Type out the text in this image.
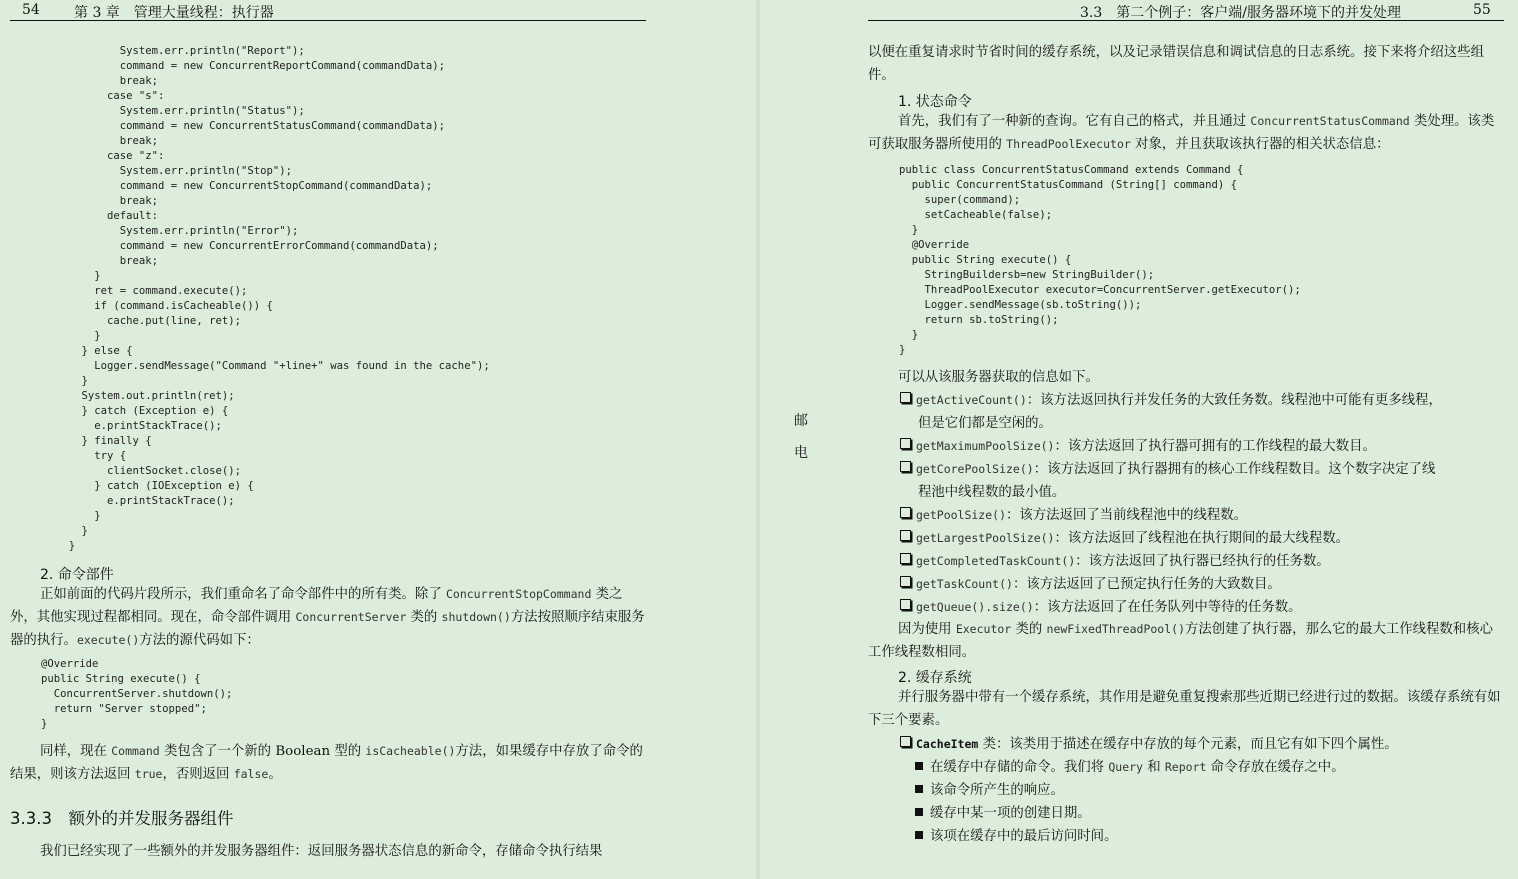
54 第 3 章　管理大量线程：执行器
System.err.println("Report");
command = new ConcurrentReportCommand(commandData);
break;
case "s":
System.err.println("Status");
command = new ConcurrentStatusCommand(commandData);
break;
case "z":
System.err.println("Stop");
command = new ConcurrentStopCommand(commandData);
break;
default:
System.err.println("Error");
command = new ConcurrentErrorCommand(commandData);
break;
}
ret = command.execute();
if (command.isCacheable()) {
cache.put(line, ret);
}
} else {
Logger.sendMessage("Command "+line+" was found in the cache");
}
System.out.println(ret);
} catch (Exception e) {
e.printStackTrace();
} finally {
try {
clientSocket.close();
} catch (IOException e) {
e.printStackTrace();
}
}
}
2. 命令部件

正如前面的代码片段所示，我们重命名了命令部件中的所有类。除了 ConcurrentStopCommand 类之外，其他实现过程都相同。现在，命令部件调用 ConcurrentServer 类的 shutdown()方法按照顺序结束服务器的执行。execute()方法的源代码如下：

@Override
public String execute() {
ConcurrentServer.shutdown();
return "Server stopped";
}

同样，现在 Command 类包含了一个新的 Boolean 型的 isCacheable()方法，如果缓存中存放了命令的结果，则该方法返回 true，否则返回 false。

3.3.3　额外的并发服务器组件

我们已经实现了一些额外的并发服务器组件：返回服务器状态信息的新命令，存储命令执行结果

3.3　第二个例子：客户端/服务器环境下的并发处理	55
邮
电

以便在重复请求时节省时间的缓存系统，以及记录错误信息和调试信息的日志系统。接下来将介绍这些组件。

1. 状态命令

首先，我们有了一种新的查询。它有自己的格式，并且通过 ConcurrentStatusCommand 类处理。该类可获取服务器所使用的 ThreadPoolExecutor 对象，并且获取该执行器的相关状态信息：

public class ConcurrentStatusCommand extends Command {
public ConcurrentStatusCommand (String[] command) {
super(command);
setCacheable(false);
}
@Override
public String execute() {
StringBuildersb=new StringBuilder();
ThreadPoolExecutor executor=ConcurrentServer.getExecutor();
Logger.sendMessage(sb.toString());
return sb.toString();
}
}

可以从该服务器获取的信息如下。

getActiveCount()：该方法返回执行并发任务的大致任务数。线程池中可能有更多线程，
但是它们都是空闲的。
getMaximumPoolSize()：该方法返回了执行器可拥有的工作线程的最大数目。
getCorePoolSize()：该方法返回了执行器拥有的核心工作线程数目。这个数字决定了线
程池中线程数的最小值。
getPoolSize()：该方法返回了当前线程池中的线程数。
getLargestPoolSize()：该方法返回了线程池在执行期间的最大线程数。
getCompletedTaskCount()：该方法返回了执行器已经执行的任务数。
getTaskCount()：该方法返回了已预定执行任务的大致数目。
getQueue().size()：该方法返回了在任务队列中等待的任务数。

因为使用 Executor 类的 newFixedThreadPool()方法创建了执行器，那么它的最大工作线程数和核心工作线程数相同。

2. 缓存系统

并行服务器中带有一个缓存系统，其作用是避免重复搜索那些近期已经进行过的数据。该缓存系统有如下三个要素。

CacheItem 类：该类用于描述在缓存中存放的每个元素，而且它有如下四个属性。
在缓存中存储的命令。我们将 Query 和 Report 命令存放在缓存之中。
该命令所产生的响应。
缓存中某一项的创建日期。
该项在缓存中的最后访问时间。
